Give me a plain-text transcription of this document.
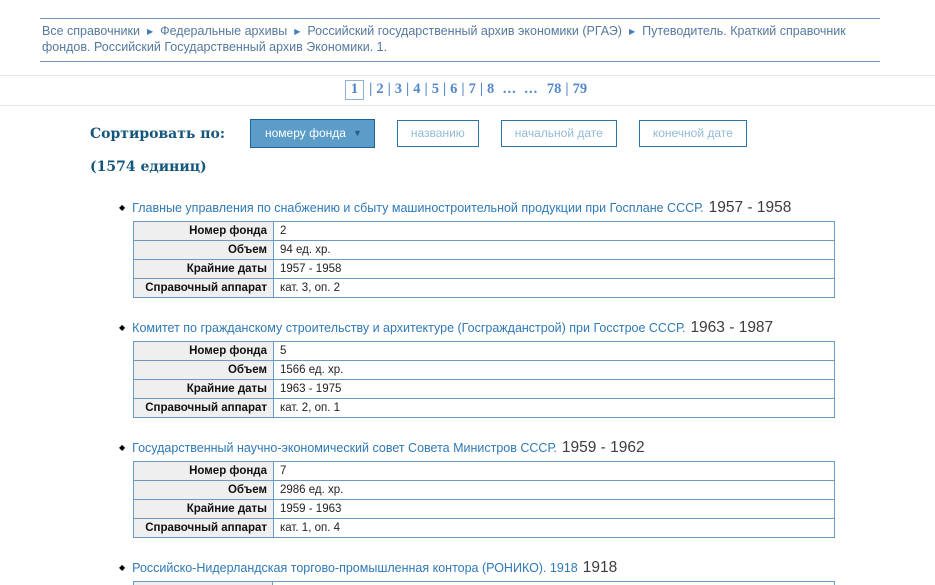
Все справочники ▶ Федеральные архивы ▶ Российский государственный архив экономики (РГАЭ) ▶ Путеводитель. Краткий справочник фондов. Российский Государственный архив Экономики. 1.
1 | 2 | 3 | 4 | 5 | 6 | 7 | 8 ... ... 78 | 79
Сортировать по:	номеру фонда ▼	названию	начальной дате	конечной дате
(1574 единиц)
◆ Главные управления по снабжению и сбыту машиностроительной продукции при Госплане СССР. 1957 - 1958
Номер фонда	2
Объем	94 ед. хр.
Крайние даты	1957 - 1958
Справочный аппарат	кат. 3, оп. 2
◆ Комитет по гражданскому строительству и архитектуре (Госгражданстрой) при Госстрое СССР. 1963 - 1987
Номер фонда	5
Объем	1566 ед. хр.
Крайние даты	1963 - 1975
Справочный аппарат	кат. 2, оп. 1
◆ Государственный научно-экономический совет Совета Министров СССР. 1959 - 1962
Номер фонда	7
Объем	2986 ед. хр.
Крайние даты	1959 - 1963
Справочный аппарат	кат. 1, оп. 4
◆ Российско-Нидерландская торгово-промышленная контора (РОНИКО). 1918 1918
